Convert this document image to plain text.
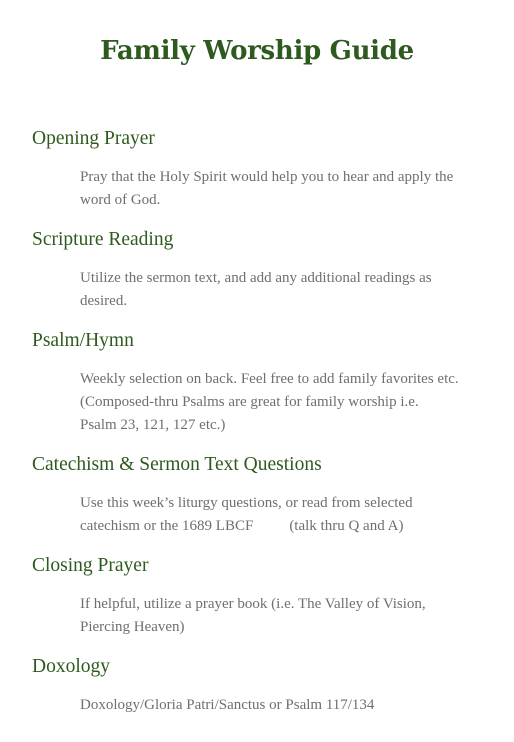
Family Worship Guide
Opening Prayer

Pray that the Holy Spirit would help you to hear and apply the
word of God.

Scripture Reading

Utilize the sermon text, and add any additional readings as
desired.

Psalm/Hymn

Weekly selection on back. Feel free to add family favorites etc.
(Composed-thru Psalms are great for family worship i.e.
Psalm 23, 121, 127 etc.)

Catechism & Sermon Text Questions

Use this week’s liturgy questions, or read from selected
catechism or the 1689 LBCF (talk thru Q and A)

Closing Prayer

If helpful, utilize a prayer book (i.e. The Valley of Vision,
Piercing Heaven)

Doxology

Doxology/Gloria Patri/Sanctus or Psalm 117/134
